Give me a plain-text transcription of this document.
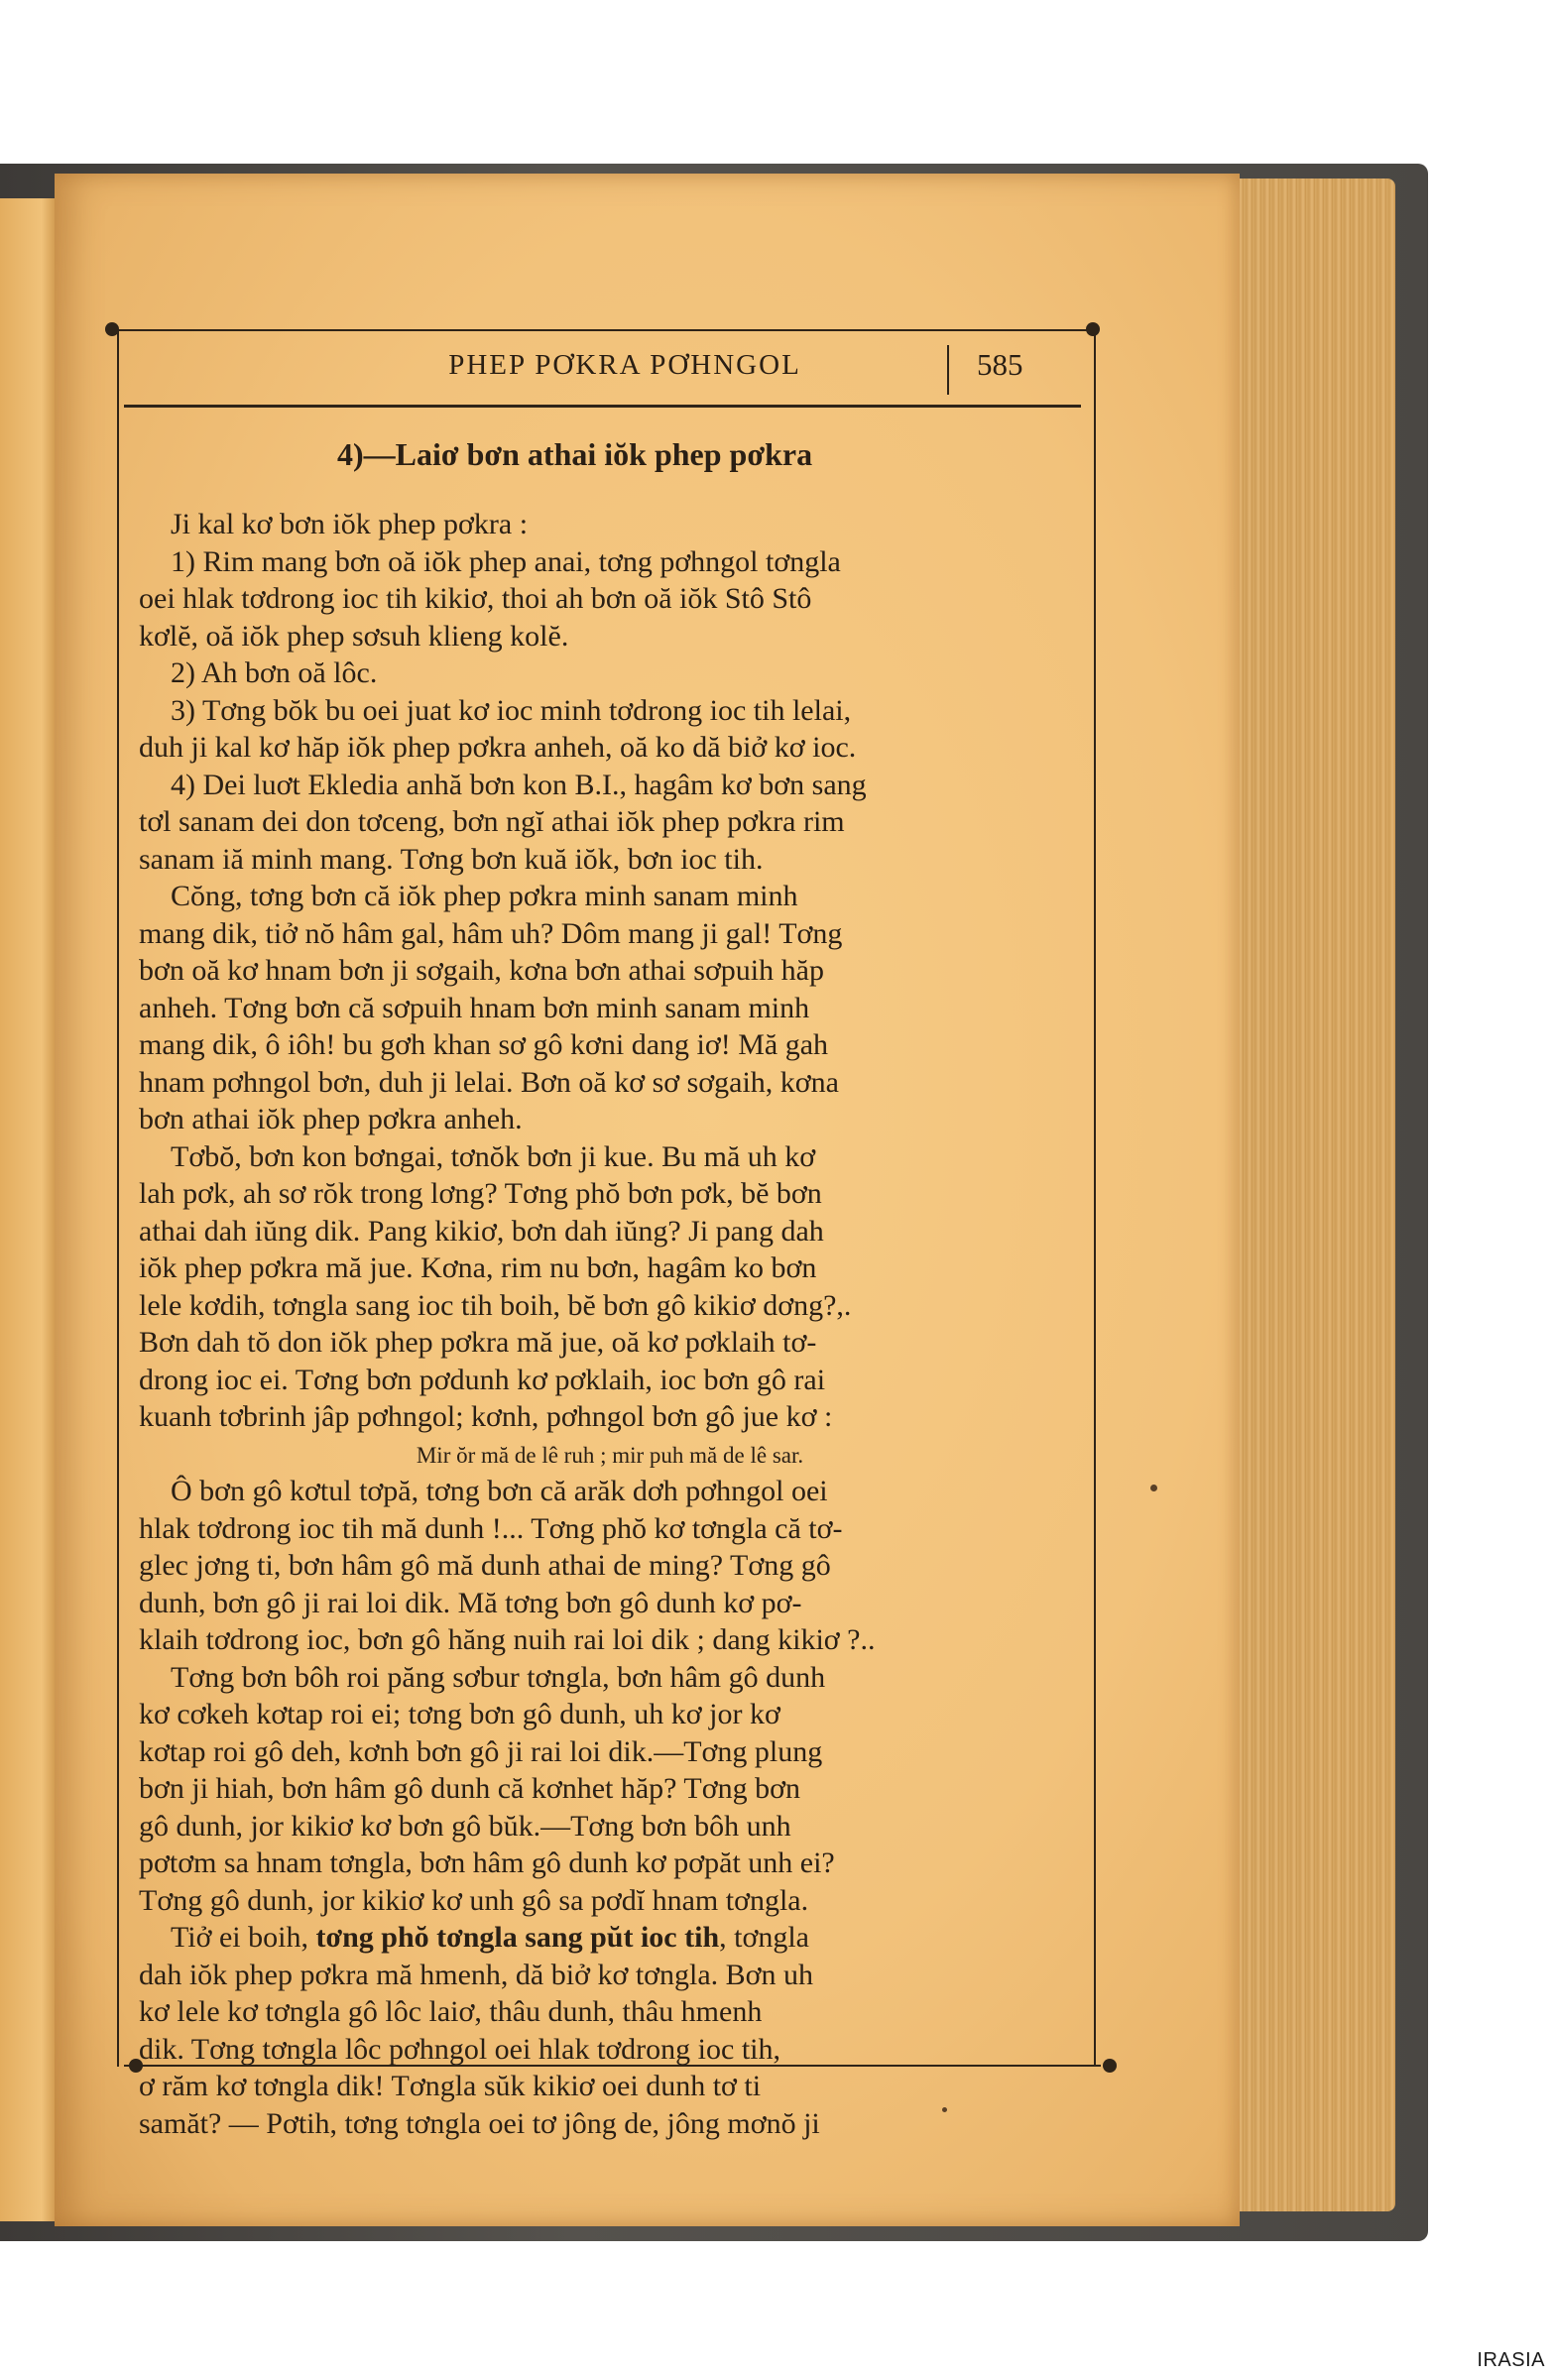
PHEP PƠKRA PƠHNGOL	585
4)—Laiơ bơn athai iŏk phep pơkra
Ji kal kơ bơn iŏk phep pơkra :
1) Rim mang bơn oă iŏk phep anai, tơng pơhngol tơngla
oei hlak tơdrong ioc tih kikiơ, thoi ah bơn oă iŏk Stô Stô
kơlĕ, oă iŏk phep sơsuh klieng kolĕ.
2) Ah bơn oă lôc.
3) Tơng bŏk bu oei juat kơ ioc minh tơdrong ioc tih lelai,
duh ji kal kơ hăp iŏk phep pơkra anheh, oă ko dă biở kơ ioc.
4) Dei luơt Ekledia anhă bơn kon B.I., hagâm kơ bơn sang
tơl sanam dei don tơceng, bơn ngĭ athai iŏk phep pơkra rim
sanam iă minh mang. Tơng bơn kuă iŏk, bơn ioc tih.
Cŏng, tơng bơn că iŏk phep pơkra minh sanam minh
mang dik, tiở nŏ hâm gal, hâm uh? Dôm mang ji gal! Tơng
bơn oă kơ hnam bơn ji sơgaih, kơna bơn athai sơpuih hăp
anheh. Tơng bơn că sơpuih hnam bơn minh sanam minh
mang dik, ô iôh! bu gơh khan sơ gô kơni dang iơ! Mă gah
hnam pơhngol bơn, duh ji lelai. Bơn oă kơ sơ sơgaih, kơna
bơn athai iŏk phep pơkra anheh.
Tơbŏ, bơn kon bơngai, tơnŏk bơn ji kue. Bu mă uh kơ
lah pơk, ah sơ rŏk trong lơng? Tơng phŏ bơn pơk, bĕ bơn
athai dah iŭng dik. Pang kikiơ, bơn dah iŭng? Ji pang dah
iŏk phep pơkra mă jue. Kơna, rim nu bơn, hagâm ko bơn
lele kơdih, tơngla sang ioc tih boih, bĕ bơn gô kikiơ dơng?,.
Bơn dah tŏ don iŏk phep pơkra mă jue, oă kơ pơklaih tơ-
drong ioc ei. Tơng bơn pơdunh kơ pơklaih, ioc bơn gô rai
kuanh tơbrinh jâp pơhngol; kơnh, pơhngol bơn gô jue kơ :
Mir ŏr mă de lê ruh ; mir puh mă de lê sar.
Ô bơn gô kơtul tơpă, tơng bơn că arăk dơh pơhngol oei
hlak tơdrong ioc tih mă dunh !... Tơng phŏ kơ tơngla că tơ-
glec jơng ti, bơn hâm gô mă dunh athai de ming? Tơng gô
dunh, bơn gô ji rai loi dik. Mă tơng bơn gô dunh kơ pơ-
klaih tơdrong ioc, bơn gô hăng nuih rai loi dik ; dang kikiơ ?..
Tơng bơn bôh roi păng sơbur tơngla, bơn hâm gô dunh
kơ cơkeh kơtap roi ei; tơng bơn gô dunh, uh kơ jor kơ
kơtap roi gô deh, kơnh bơn gô ji rai loi dik.—Tơng plung
bơn ji hiah, bơn hâm gô dunh că kơnhet hăp? Tơng bơn
gô dunh, jor kikiơ kơ bơn gô bŭk.—Tơng bơn bôh unh
pơtơm sa hnam tơngla, bơn hâm gô dunh kơ pơpăt unh ei?
Tơng gô dunh, jor kikiơ kơ unh gô sa pơdĭ hnam tơngla.
Tiở ei boih, tơng phŏ tơngla sang pŭt ioc tih, tơngla
dah iŏk phep pơkra mă hmenh, dă biở kơ tơngla. Bơn uh
kơ lele kơ tơngla gô lôc laiơ, thâu dunh, thâu hmenh
dik. Tơng tơngla lôc pơhngol oei hlak tơdrong ioc tih,
ơ răm kơ tơngla dik! Tơngla sŭk kikiơ oei dunh tơ ti
samăt? — Pơtih, tơng tơngla oei tơ jông de, jông mơnŏ ji
IRASIA
